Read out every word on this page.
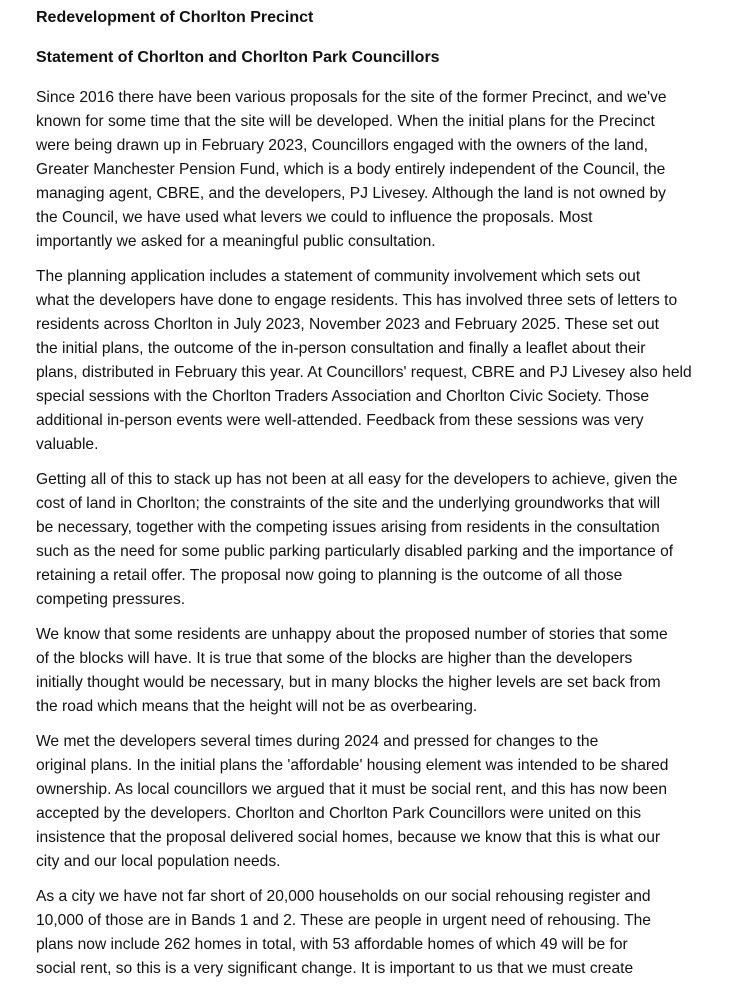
Redevelopment of Chorlton Precinct
Statement of Chorlton and Chorlton Park Councillors

Since 2016 there have been various proposals for the site of the former Precinct, and we've
known for some time that the site will be developed. When the initial plans for the Precinct
were being drawn up in February 2023, Councillors engaged with the owners of the land,
Greater Manchester Pension Fund, which is a body entirely independent of the Council, the
managing agent, CBRE, and the developers, PJ Livesey. Although the land is not owned by
the Council, we have used what levers we could to influence the proposals. Most
importantly we asked for a meaningful public consultation.

The planning application includes a statement of community involvement which sets out
what the developers have done to engage residents. This has involved three sets of letters to
residents across Chorlton in July 2023, November 2023 and February 2025. These set out
the initial plans, the outcome of the in-person consultation and finally a leaflet about their
plans, distributed in February this year. At Councillors' request, CBRE and PJ Livesey also held
special sessions with the Chorlton Traders Association and Chorlton Civic Society. Those
additional in-person events were well-attended. Feedback from these sessions was very
valuable.

Getting all of this to stack up has not been at all easy for the developers to achieve, given the
cost of land in Chorlton; the constraints of the site and the underlying groundworks that will
be necessary, together with the competing issues arising from residents in the consultation
such as the need for some public parking particularly disabled parking and the importance of
retaining a retail offer. The proposal now going to planning is the outcome of all those
competing pressures.

We know that some residents are unhappy about the proposed number of stories that some
of the blocks will have. It is true that some of the blocks are higher than the developers
initially thought would be necessary, but in many blocks the higher levels are set back from
the road which means that the height will not be as overbearing.

We met the developers several times during 2024 and pressed for changes to the
original plans. In the initial plans the 'affordable' housing element was intended to be shared
ownership. As local councillors we argued that it must be social rent, and this has now been
accepted by the developers. Chorlton and Chorlton Park Councillors were united on this
insistence that the proposal delivered social homes, because we know that this is what our
city and our local population needs.

As a city we have not far short of 20,000 households on our social rehousing register and
10,000 of those are in Bands 1 and 2. These are people in urgent need of rehousing. The
plans now include 262 homes in total, with 53 affordable homes of which 49 will be for
social rent, so this is a very significant change. It is important to us that we must create
